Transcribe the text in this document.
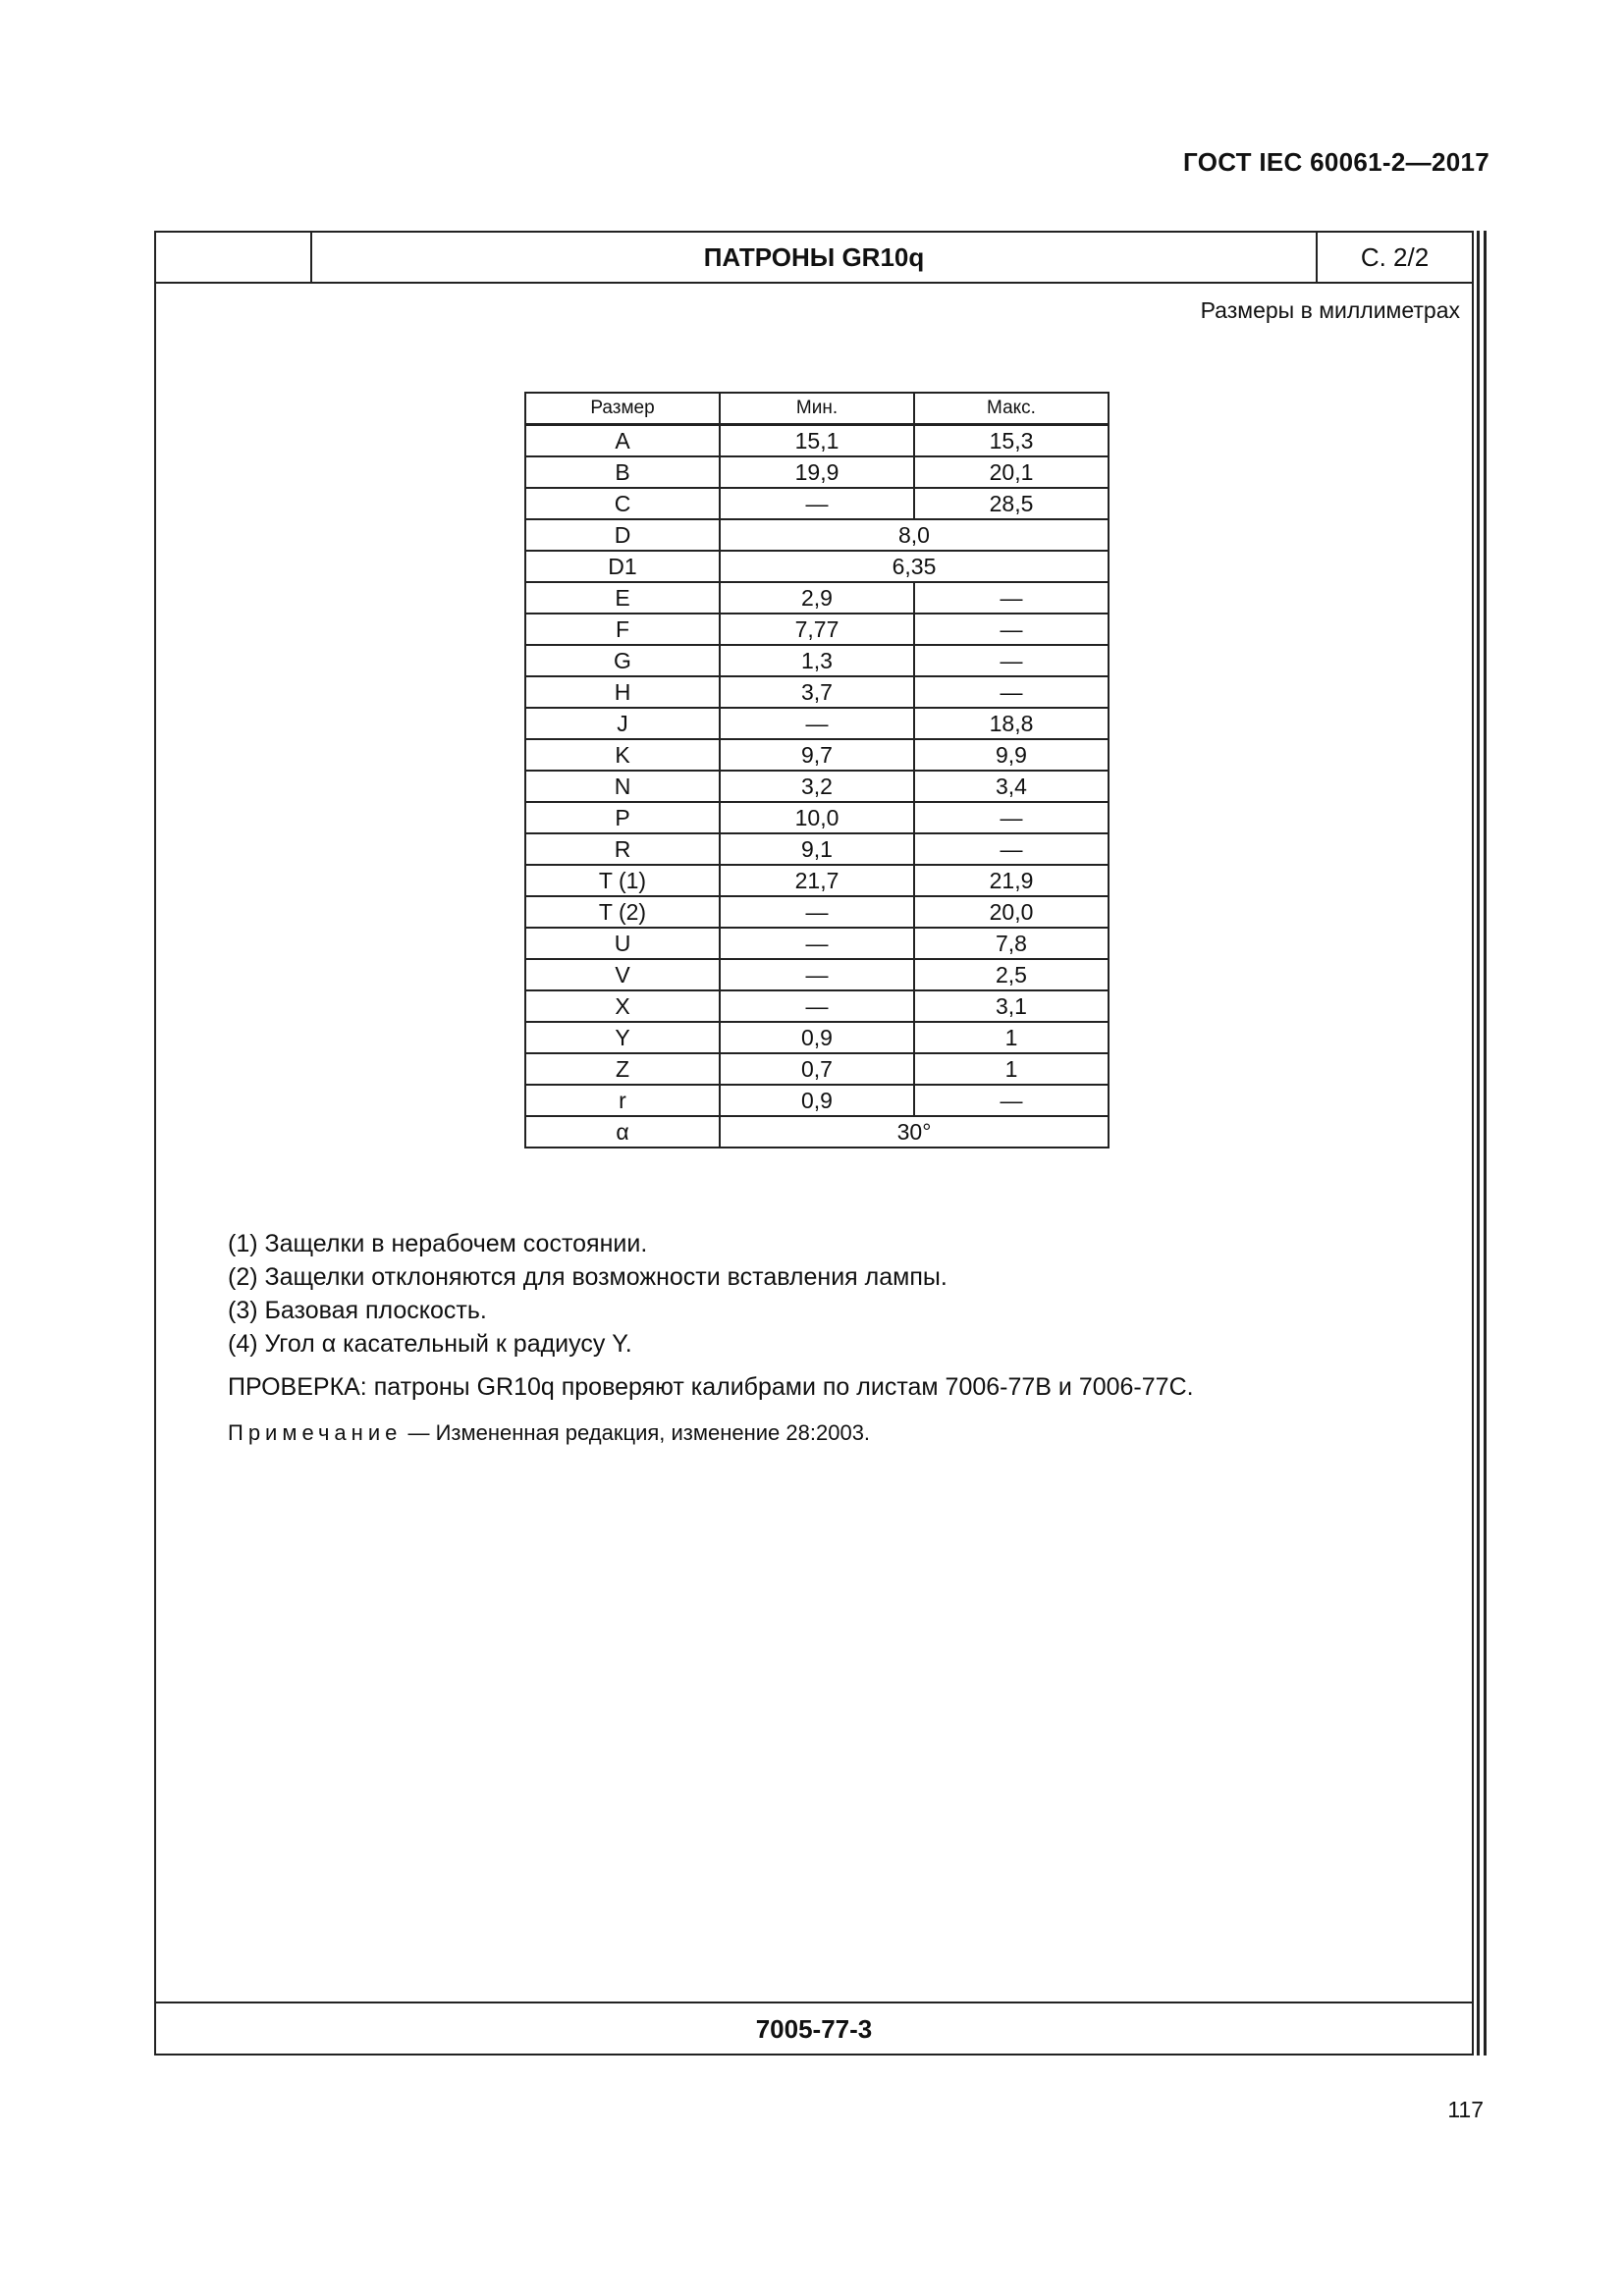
ГОСТ IEC 60061-2—2017
ПАТРОНЫ GR10q	С. 2/2
Размеры в миллиметрах
Размер	Мин.	Макс.
A	15,1	15,3
B	19,9	20,1
C	—	28,5
D	8,0	
D1	6,35	
E	2,9	—
F	7,77	—
G	1,3	—
H	3,7	—
J	—	18,8
K	9,7	9,9
N	3,2	3,4
P	10,0	—
R	9,1	—
T (1)	21,7	21,9
T (2)	—	20,0
U	—	7,8
V	—	2,5
X	—	3,1
Y	0,9	1
Z	0,7	1
r	0,9	—
α	30°	

(1) Защелки в нерабочем состоянии.

(2) Защелки отклоняются для возможности вставления лампы.

(3) Базовая плоскость.

(4) Угол α касательный к радиусу Y.

ПРОВЕРКА: патроны GR10q проверяют калибрами по листам 7006-77B и 7006-77C.
Примечание — Измененная редакция, изменение 28:2003.
7005-77-3
117
